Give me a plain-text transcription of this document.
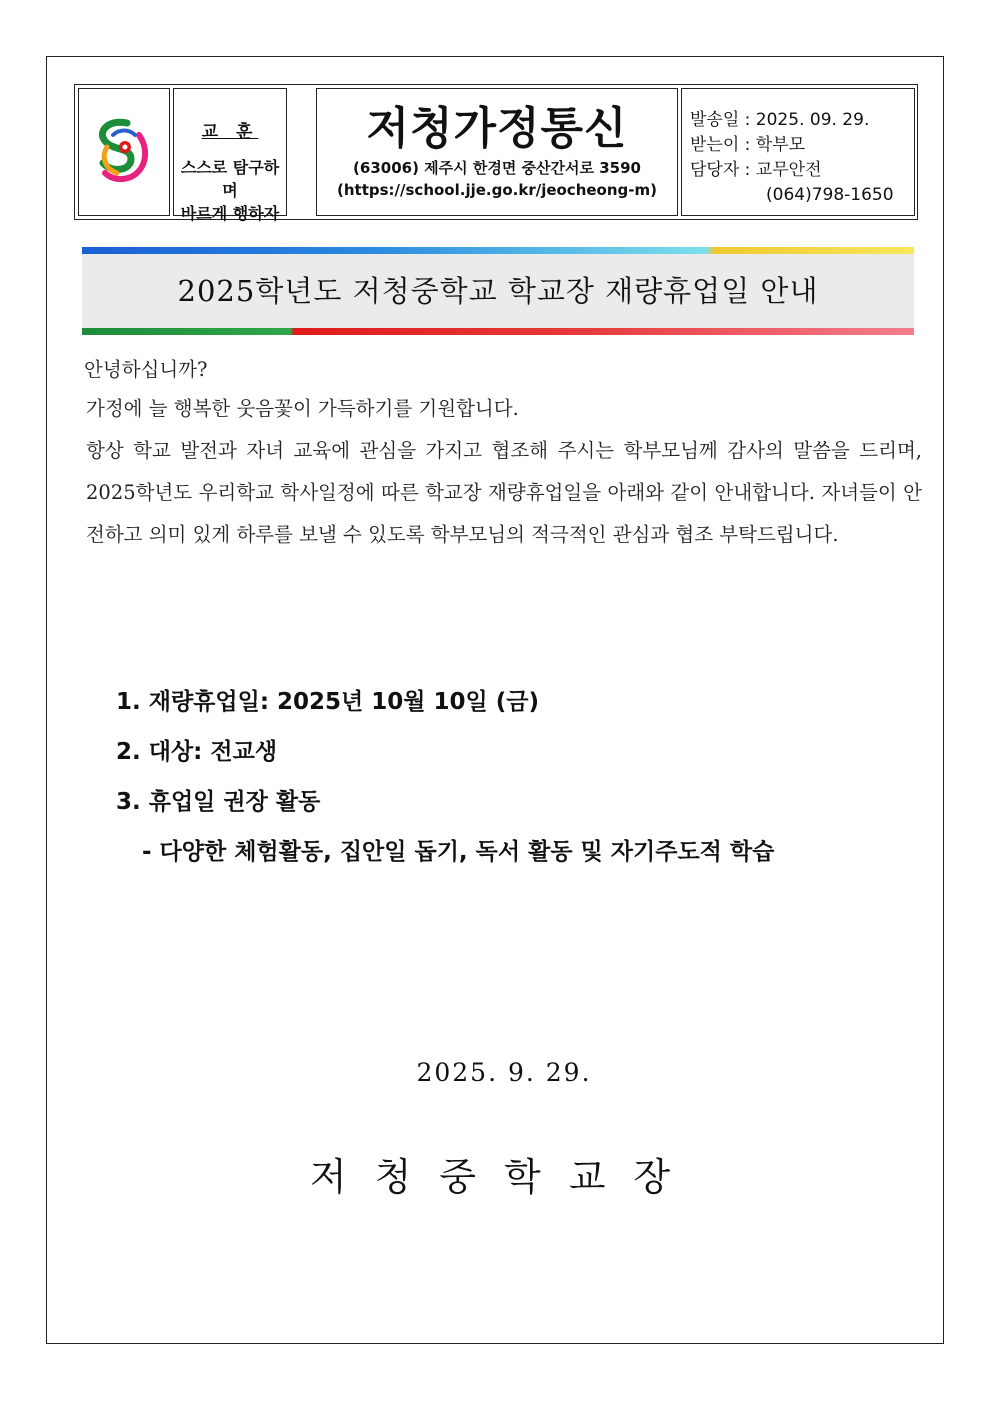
교 훈
스스로 탐구하며
바르게 행하자
저청가정통신
(63006) 제주시 한경면 중산간서로 3590
(https://school.jje.go.kr/jeocheong-m)
발송일 : 2025. 09. 29.
받는이 : 학부모
담당자 : 교무안전
(064)798-1650
2025학년도 저청중학교 학교장 재량휴업일 안내
안녕하십니까?
가정에 늘 행복한 웃음꽃이 가득하기를 기원합니다.
항상 학교 발전과 자녀 교육에 관심을 가지고 협조해 주시는 학부모님께 감사의 말씀을 드리며, 2025학년도 우리학교 학사일정에 따른 학교장 재량휴업일을 아래와 같이 안내합니다. 자녀들이 안전하고 의미 있게 하루를 보낼 수 있도록 학부모님의 적극적인 관심과 협조 부탁드립니다.
1. 재량휴업일: 2025년 10월 10일 (금)
2. 대상: 전교생
3. 휴업일 권장 활동
- 다양한 체험활동, 집안일 돕기, 독서 활동 및 자기주도적 학습
2025. 9. 29.
저청중학교장
